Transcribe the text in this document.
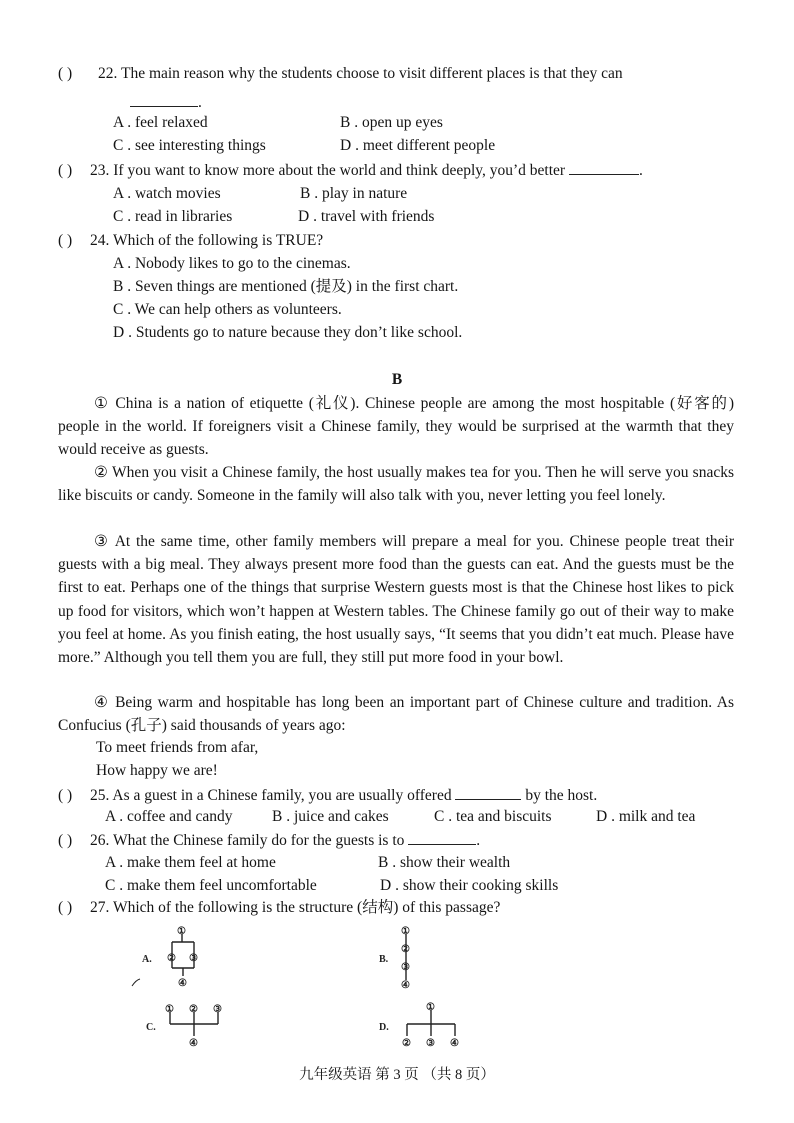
( ) 22. The main reason why the students choose to visit different places is that they can
.
A . feel relaxed	B . open up eyes
C . see interesting things	D . meet different people
( ) 23. If you want to know more about the world and think deeply, you’d better	.
A . watch movies	B . play in nature
C . read in libraries	D . travel with friends
( ) 24. Which of the following is TRUE?
A . Nobody likes to go to the cinemas.
B . Seven things are mentioned (提及) in the first chart.
C . We can help others as volunteers.
D . Students go to nature because they don’t like school.
B
① China is a nation of etiquette (礼仪). Chinese people are among the most hospitable (好客的) people in the world. If foreigners visit a Chinese family, they would be surprised at the warmth that they would receive as guests.
② When you visit a Chinese family, the host usually makes tea for you. Then he will serve you snacks like biscuits or candy. Someone in the family will also talk with you, never letting you feel lonely.
③ At the same time, other family members will prepare a meal for you. Chinese people treat their guests with a big meal. They always present more food than the guests can eat. And the guests must be the first to eat. Perhaps one of the things that surprise Western guests most is that the Chinese host likes to pick up food for visitors, which won’t happen at Western tables. The Chinese family go out of their way to make you feel at home. As you finish eating, the host usually says, “It seems that you didn’t eat much. Please have more.” Although you tell them you are full, they still put more food in your bowl.
④ Being warm and hospitable has long been an important part of Chinese culture and tradition. As Confucius (孔子) said thousands of years ago:
To meet friends from afar,
How happy we are!
( ) 25. As a guest in a Chinese family, you are usually offered	by the host.
A . coffee and candy	B . juice and cakes	C . tea and biscuits	D . milk and tea
( ) 26. What the Chinese family do for the guests is to	.
A . make them feel at home	B . show their wealth
C . make them feel uncomfortable	D . show their cooking skills
( ) 27. Which of the following is the structure (结构) of this passage?
A.
①
② ③
④
B.
①
②
③
④
C.
① ② ③
④
D.
①
② ③ ④
九年级英语 第 3 页 （共 8 页）
